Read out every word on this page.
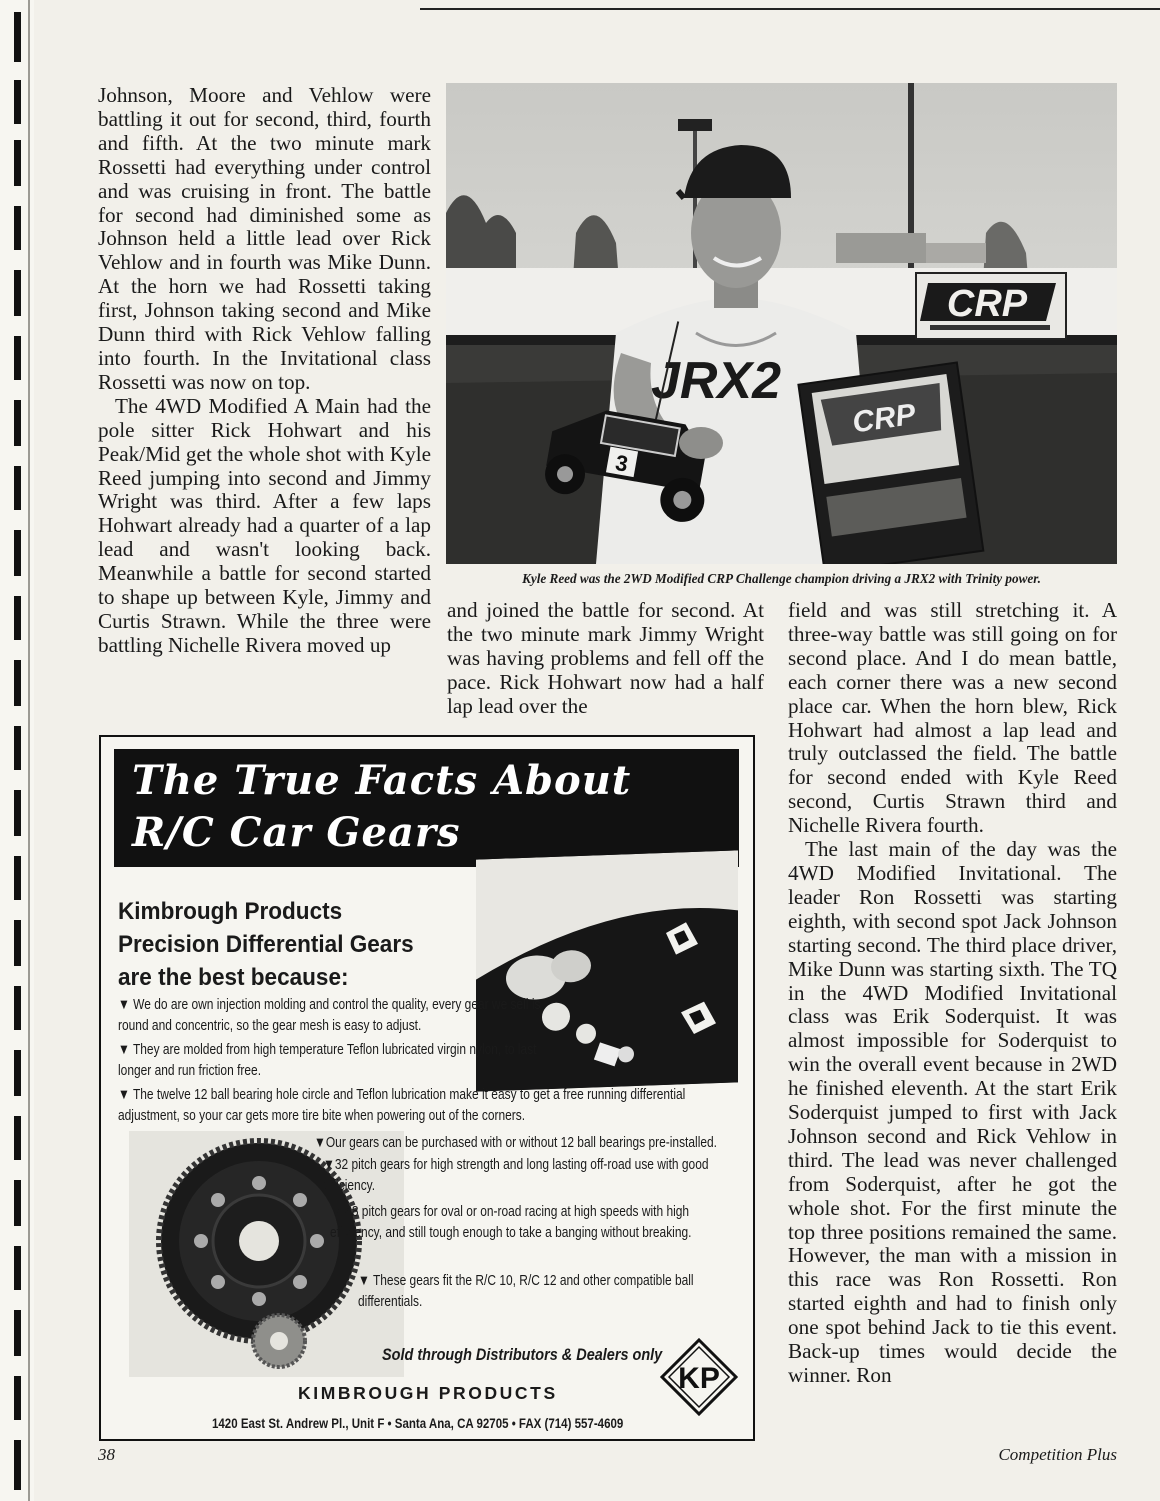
Johnson, Moore and Vehlow were battling it out for second, third, fourth and fifth. At the two minute mark Rossetti had everything under control and was cruising in front. The battle for second had diminished some as Johnson held a little lead over Rick Vehlow and in fourth was Mike Dunn. At the horn we had Rossetti taking first, Johnson taking second and Mike Dunn third with Rick Vehlow falling into fourth. In the Invitational class Rossetti was now on top.

The 4WD Modified A Main had the pole sitter Rick Hohwart and his Peak/Mid get the whole shot with Kyle Reed jumping into second and Jimmy Wright was third. After a few laps Hohwart already had a quarter of a lap lead and wasn't looking back. Meanwhile a battle for second started to shape up between Kyle, Jimmy and Curtis Strawn. While the three were battling Nichelle Rivera moved up

CRP
JRX2
CRP
3
Kyle Reed was the 2WD Modified CRP Challenge champion driving a JRX2 with Trinity power.

and joined the battle for second. At the two minute mark Jimmy Wright was having problems and fell off the pace. Rick Hohwart now had a half lap lead over the

field and was still stretching it. A three-way battle was still going on for second place. And I do mean battle, each corner there was a new second place car. When the horn blew, Rick Hohwart had almost a lap lead and truly outclassed the field. The battle for second ended with Kyle Reed second, Curtis Strawn third and Nichelle Rivera fourth.

The last main of the day was the 4WD Modified Invitational. The leader Ron Rossetti was starting eighth, with second spot Jack Johnson starting second. The third place driver, Mike Dunn was starting sixth. The TQ in the 4WD Modified Invitational class was Erik Soderquist. It was almost impossible for Soderquist to win the overall event because in 2WD he finished eleventh. At the start Erik Soderquist jumped to first with Jack Johnson second and Rick Vehlow in third. The lead was never challenged from Soderquist, after he got the whole shot. For the first minute the top three positions remained the same. However, the man with a mission in this race was Ron Rossetti. Ron started eighth and had to finish only one spot behind Jack to tie this event. Back-up times would decide the winner. Ron

The True Facts About
R/C Car Gears
Kimbrough Products
Precision Differential Gears
are the best because:
▼ We do are own injection molding and control the quality, every gear we sell is round and concentric, so the gear mesh is easy to adjust.
▼ They are molded from high temperature Teflon lubricated virgin nylon, to last longer and run friction free.
▼ The twelve 12 ball bearing hole circle and Teflon lubrication make it easy to get a free running differential adjustment, so your car gets more tire bite when powering out of the corners.
▼Our gears can be purchased with or without 12 ball bearings pre-installed.
▼32 pitch gears for high strength and long lasting off-road use with good efficiency.
▼ 48 pitch gears for oval or on-road racing at high speeds with high efficiency, and still tough enough to take a banging without breaking.
▼ These gears fit the R/C 10, R/C 12 and other compatible ball differentials.
Sold through Distributors & Dealers only
KIMBROUGH PRODUCTS	KP
1420 East St. Andrew Pl., Unit F • Santa Ana, CA 92705 • FAX (714) 557-4609
38	Competition Plus
